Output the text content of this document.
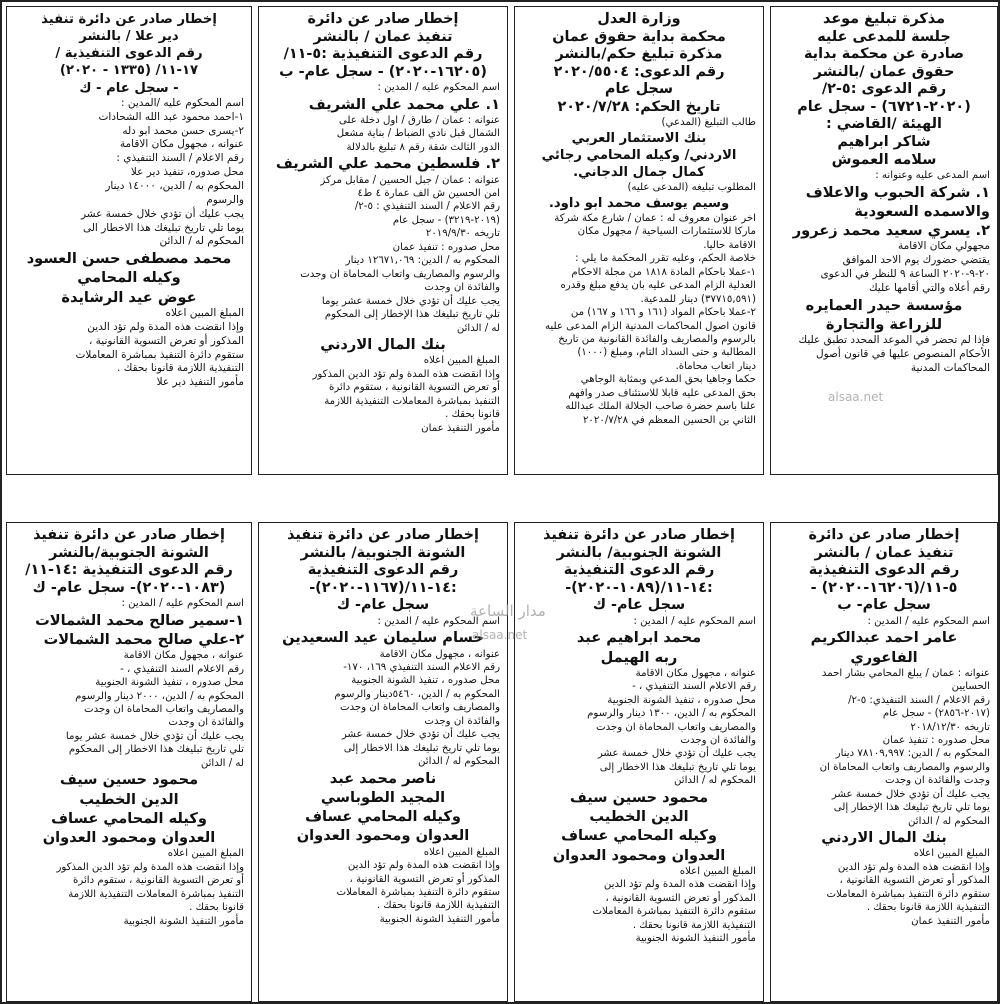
مذكرة تبليغ موعد
جلسة للمدعى عليه
صادرة عن محكمة بداية
حقوق عمان /بالنشر
رقم الدعوى :٥-٢/
(٢٠٢٠-٦٧٢١) - سجل عام
الهيئة /القاضي :
شاكر ابراهيم
سلامه العموش
اسم المدعى عليه وعنوانه :
١. شركة الحبوب والاعلاف
والاسمده السعودية
٢. يسري سعيد محمد زعرور
مجهولي مكان الاقامة
يقتضي حضورك يوم الاحد الموافق
٢٠-٩-٢٠٢٠ الساعة ٩ للنظر في الدعوى
رقم أعلاه والتي أقامها عليك
مؤسسة حيدر العمايره
للزراعة والتجارة
فإذا لم تحضر في الموعد المحدد تطبق عليك
الأحكام المنصوص عليها في قانون أصول
المحاكمات المدنية
وزارة العدل
محكمة بداية حقوق عمان
مذكرة تبليغ حكم/بالنشر
رقم الدعوى: ٢٠٢٠/٥٥٠٤
سجل عام
تاريخ الحكم: ٢٠٢٠/٧/٢٨
طالب التبليغ (المدعي)
بنك الاستثمار العربي
الاردني/ وكيله المحامي رجائي
كمال جمال الدجاني.
المطلوب تبليغه (المدعى عليه)
وسيم يوسف محمد ابو داود.
اخر عنوان معروف له : عمان / شارع مكة شركة
ماركا للاستثمارات السياحية / مجهول مكان
الاقامة حاليا.
خلاصة الحكم، وعليه تقرر المحكمة ما يلي :
١-عملا باحكام المادة ١٨١٨ من مجلة الاحكام
العدلية الزام المدعى عليه بان يدفع مبلغ وقدره
(٣٧٧١٥,٥٩١) دينار للمدعية.
٢-عملا باحكام المواد (١٦١ و ١٦٦ و ١٦٧) من
قانون اصول المحاكمات المدنية الزام المدعى عليه
بالرسوم والمصاريف والفائدة القانونية من تاريخ
المطالبة و حتى السداد التام، ومبلغ (١٠٠٠)
دينار اتعاب محاماة.
حكما وجاهيا بحق المدعي وبمثابة الوجاهي
بحق المدعى عليه قابلا للاستئناف صدر وافهم
علنا باسم حضرة صاحب الجلالة الملك عبدالله
الثاني بن الحسين المعظم في ٢٠٢٠/٧/٢٨
إخطار صادر عن دائرة
تنفيذ عمان / بالنشر
رقم الدعوى التنفيذية :٥-١١/
(١٦٢٠٥-٢٠٢٠) - سجل عام- ب
اسم المحكوم عليه / المدين :
١. علي محمد علي الشريف
عنوانه : عمان / طارق / اول دخلة على
الشمال قبل نادي الضباط / بناية مشعل
الدور الثالث شقة رقم ٨ تبليغ بالدلالة
٢. فلسطين محمد علي الشريف
عنوانه : عمان / جبل الحسين / مقابل مركز
امن الحسين ش الف عمارة ٤ ط٤
رقم الاعلام / السند التنفيذي : ٥-٢/
(٢٠١٩-٣٢١٩) - سجل عام
تاريخه ٢٠١٩/٩/٣٠
محل صدوره : تنفيذ عمان
المحكوم به / الدين: ١٢٦٧١,٠٦٩ دينار
والرسوم والمصاريف واتعاب المحاماة ان وجدت
والفائدة ان وجدت
يجب عليك أن تؤدي خلال خمسة عشر يوما
تلي تاريخ تبليغك هذا الإخطار إلى المحكوم
له / الدائن
بنك المال الاردني
المبلغ المبين اعلاه
وإذا انقضت هذه المدة ولم تؤد الدين المذكور
أو تعرض التسوية القانونية ، ستقوم دائرة
التنفيذ بمباشرة المعاملات التنفيذية اللازمة
قانونا بحقك .
مأمور التنفيذ عمان
إخطار صادر عن دائرة تنفيذ
دير علا / بالنشر
رقم الدعوى التنفيذية /
١٧-١١/ (١٣٣٥ - ٢٠٢٠)
- سجل عام - ك
اسم المحكوم عليه /المدين :
١-احمد محمود عبد الله الشحادات
٢-يسرى حسن محمد ابو دله
عنوانه ، مجهول مكان الاقامة
رقم الاعلام / السند التنفيذي :
محل صدوره، تنفيذ دير علا
المحكوم به / الدين، ١٤٠٠٠ دينار
والرسوم
يجب عليك أن تؤدي خلال خمسة عشر
يوما تلي تاريخ تبليغك هذا الاخطار الى
المحكوم له / الدائن
محمد مصطفى حسن العسود
وكيله المحامي
عوض عيد الرشايدة
المبلغ المبين اعلاه
وإذا انقضت هذه المدة ولم تؤد الدين
المذكور أو تعرض التسوية القانونية ،
ستقوم دائرة التنفيذ بمباشرة المعاملات
التنفيذية اللازمة قانونا بحقك .
مأمور التنفيذ دير علا
إخطار صادر عن دائرة
تنفيذ عمان / بالنشر
رقم الدعوى التنفيذية
٥-١١/(١٦٢٠٦-٢٠٢٠) -
سجل عام- ب
اسم المحكوم عليه / المدين :
عامر احمد عبدالكريم
الفاعوري
عنوانه : عمان / يبلغ المحامي بشار احمد
الحسايين
رقم الاعلام / السند التنفيذي: ٥-٢/
(٢٠١٧-٢٨٥٦) - سجل عام
تاريخه ٢٠١٨/١٢/٣٠
محل صدوره : تنفيذ عمان
المحكوم به / الدين: ٧٨١٠٩,٩٩٧ دينار
والرسوم والمصاريف واتعاب المحاماة ان
وجدت والفائدة ان وجدت
يجب عليك أن تؤدي خلال خمسة عشر
يوما تلي تاريخ تبليغك هذا الإخطار إلى
المحكوم له / الدائن
بنك المال الاردني
المبلغ المبين اعلاه
وإذا انقضت هذه المدة ولم تؤد الدين
المذكور أو تعرض التسوية القانونية ،
ستقوم دائرة التنفيذ بمباشرة المعاملات
التنفيذية اللازمة قانونا بحقك .
مأمور التنفيذ عمان
إخطار صادر عن دائرة تنفيذ
الشونة الجنوبية/ بالنشر
رقم الدعوى التنفيذية
:١٤-١١/(١٠٨٩-٢٠٢٠)-
سجل عام- ك
اسم المحكوم عليه / المدين :
محمد ابراهيم عبد
ربه الهيمل
عنوانه ، مجهول مكان الاقامة
رقم الاعلام السند التنفيذي ، -
محل صدوره ، تنفيذ الشونة الجنوبية
المحكوم به / الدين، ١٣٠٠ دينار والرسوم
والمصاريف واتعاب المحاماة ان وجدت
والفائدة ان وجدت
يجب عليك أن تؤدي خلال خمسة عشر
يوما تلي تاريخ تبليغك هذا الاخطار إلى
المحكوم له / الدائن
محمود حسين سيف
الدين الخطيب
وكيله المحامي عساف
العدوان ومحمود العدوان
المبلغ المبين اعلاه
وإذا انقضت هذه المدة ولم تؤد الدين
المذكور أو تعرض التسوية القانونية ،
ستقوم دائرة التنفيذ بمباشرة المعاملات
التنفيذية اللازمة قانونا بحقك .
مأمور التنفيذ الشونة الجنوبية
إخطار صادر عن دائرة تنفيذ
الشونة الجنوبية/ بالنشر
رقم الدعوى التنفيذية
:١٤-١١/(١١٦٧-٢٠٢٠)-
سجل عام- ك
اسم المحكوم عليه / المدين :
حسام سليمان عيد السعيدين
عنوانه ، مجهول مكان الاقامة
رقم الاعلام السند التنفيذي ١٦٩، ١٧٠-
محل صدوره ، تنفيذ الشونة الجنوبية
المحكوم به / الدين، ٥٤٦٠دينار والرسوم
والمصاريف واتعاب المحاماة ان وجدت
والفائدة ان وجدت
يجب عليك أن تؤدي خلال خمسة عشر
يوما تلي تاريخ تبليغك هذا الاخطار إلى
المحكوم له / الدائن
ناصر محمد عبد
المجيد الطوباسي
وكيله المحامي عساف
العدوان ومحمود العدوان
المبلغ المبين اعلاه
وإذا انقضت هذه المدة ولم تؤد الدين
المذكور أو تعرض التسوية القانونية ،
ستقوم دائرة التنفيذ بمباشرة المعاملات
التنفيذية اللازمة قانونا بحقك .
مأمور التنفيذ الشونة الجنوبية
إخطار صادر عن دائرة تنفيذ
الشونة الجنوبية/بالنشر
رقم الدعوى التنفيذية :١٤-١١/
(١٠٨٣-٢٠٢٠)- سجل عام- ك
اسم المحكوم عليه / المدين :
١-سمير صالح محمد الشمالات
٢-علي صالح محمد الشمالات
عنوانه ، مجهول مكان الاقامة
رقم الاعلام السند التنفيذي ، -
محل صدوره ، تنفيذ الشونة الجنوبية
المحكوم به / الدين، ٢٠٠٠ دينار والرسوم
والمصاريف واتعاب المحاماة ان وجدت
والفائدة ان وجدت
يجب عليك أن تؤدي خلال خمسة عشر يوما
تلي تاريخ تبليغك هذا الاخطار إلى المحكوم
له / الدائن
محمود حسين سيف
الدين الخطيب
وكيله المحامي عساف
العدوان ومحمود العدوان
المبلغ المبين اعلاه
وإذا انقضت هذه المدة ولم تؤد الدين المذكور
أو تعرض التسوية القانونية ، ستقوم دائرة
التنفيذ بمباشرة المعاملات التنفيذية اللازمة
قانونا بحقك .
مأمور التنفيذ الشونة الجنوبية
alsaa.net
مدار الساعة
alsaa.net
